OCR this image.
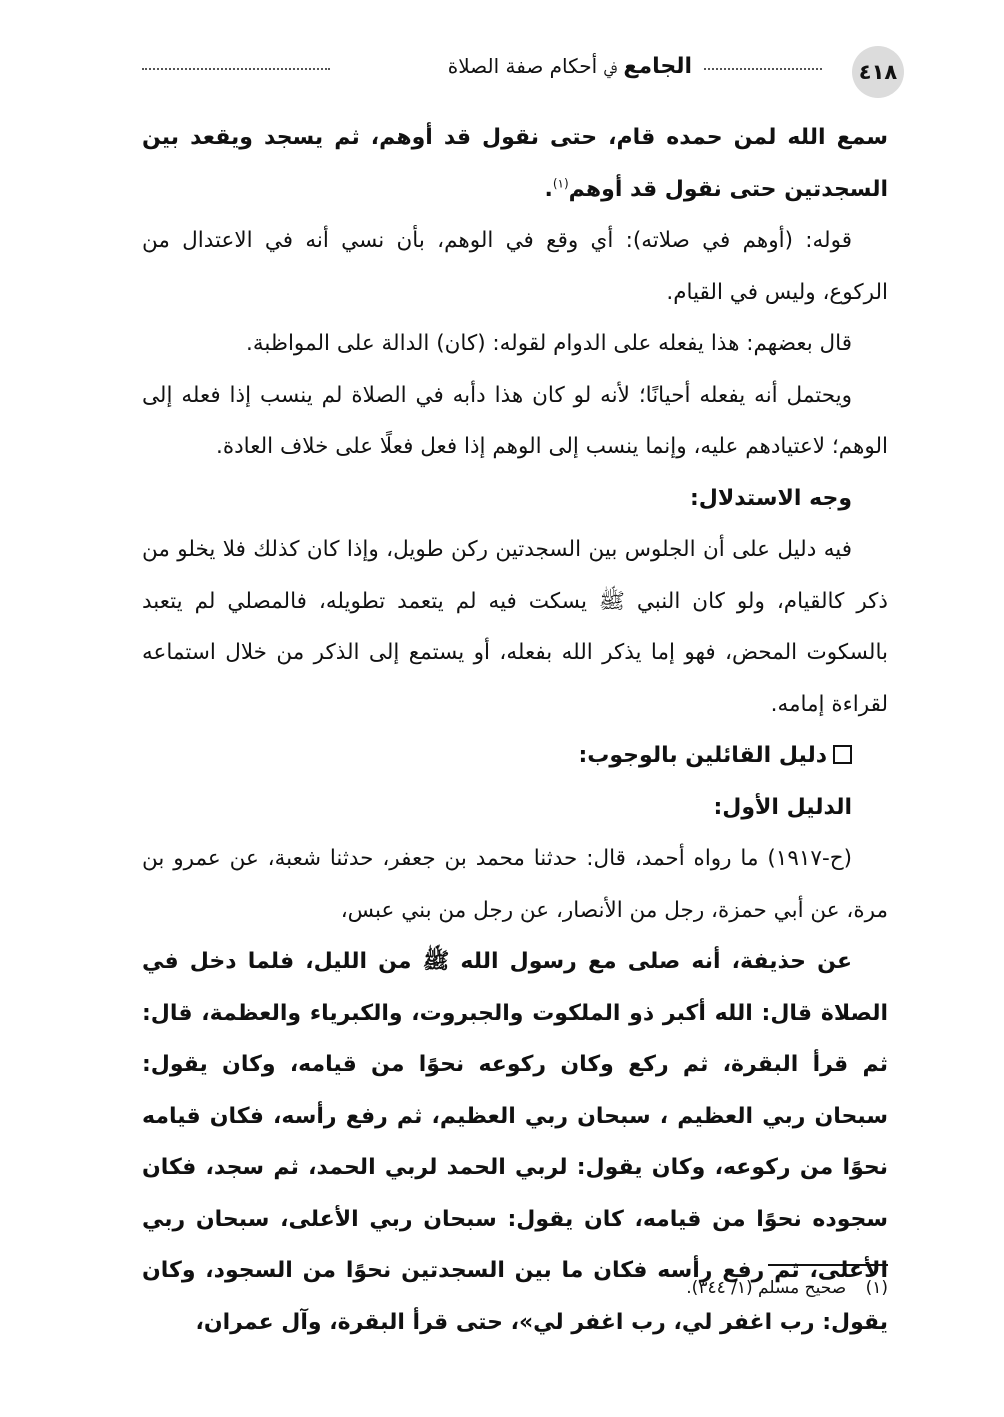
٤١٨
الجامع ﰲ أحكام صفة الصلاة

سمع الله لمن حمده قام، حتى نقول قد أوهم، ثم يسجد ويقعد بين السجدتين حتى نقول قد أوهم$^{(١)}$.

قوله: (أوهم في صلاته): أي وقع في الوهم، بأن نسي أنه في الاعتدال من الركوع، وليس في القيام.

قال بعضهم: هذا يفعله على الدوام لقوله: (كان) الدالة على المواظبة.

ويحتمل أنه يفعله أحيانًا؛ لأنه لو كان هذا دأبه في الصلاة لم ينسب إذا فعله إلى الوهم؛ لاعتيادهم عليه، وإنما ينسب إلى الوهم إذا فعل فعلًا على خلاف العادة.

وجه الاستدلال:

فيه دليل على أن الجلوس بين السجدتين ركن طويل، وإذا كان كذلك فلا يخلو من ذكر كالقيام، ولو كان النبي ﷺ يسكت فيه لم يتعمد تطويله، فالمصلي لم يتعبد بالسكوت المحض، فهو إما يذكر الله بفعله، أو يستمع إلى الذكر من خلال استماعه لقراءة إمامه.

دليل القائلين بالوجوب:

الدليل الأول:

(ح-١٩١٧) ما رواه أحمد، قال: حدثنا محمد بن جعفر، حدثنا شعبة، عن عمرو بن مرة، عن أبي حمزة، رجل من الأنصار، عن رجل من بني عبس،

عن حذيفة، أنه صلى مع رسول الله ﷺ من الليل، فلما دخل في الصلاة قال: الله أكبر ذو الملكوت والجبروت، والكبرياء والعظمة، قال: ثم قرأ البقرة، ثم ركع وكان ركوعه نحوًا من قيامه، وكان يقول: سبحان ربي العظيم ، سبحان ربي العظيم، ثم رفع رأسه، فكان قيامه نحوًا من ركوعه، وكان يقول: لربي الحمد لربي الحمد، ثم سجد، فكان سجوده نحوًا من قيامه، كان يقول: سبحان ربي الأعلى، سبحان ربي الأعلى، ثم رفع رأسه فكان ما بين السجدتين نحوًا من السجود، وكان يقول: رب اغفر لي، رب اغفر لي»، حتى قرأ البقرة، وآل عمران،

(١) صحيح مسلم (١/ ٣٤٤).
